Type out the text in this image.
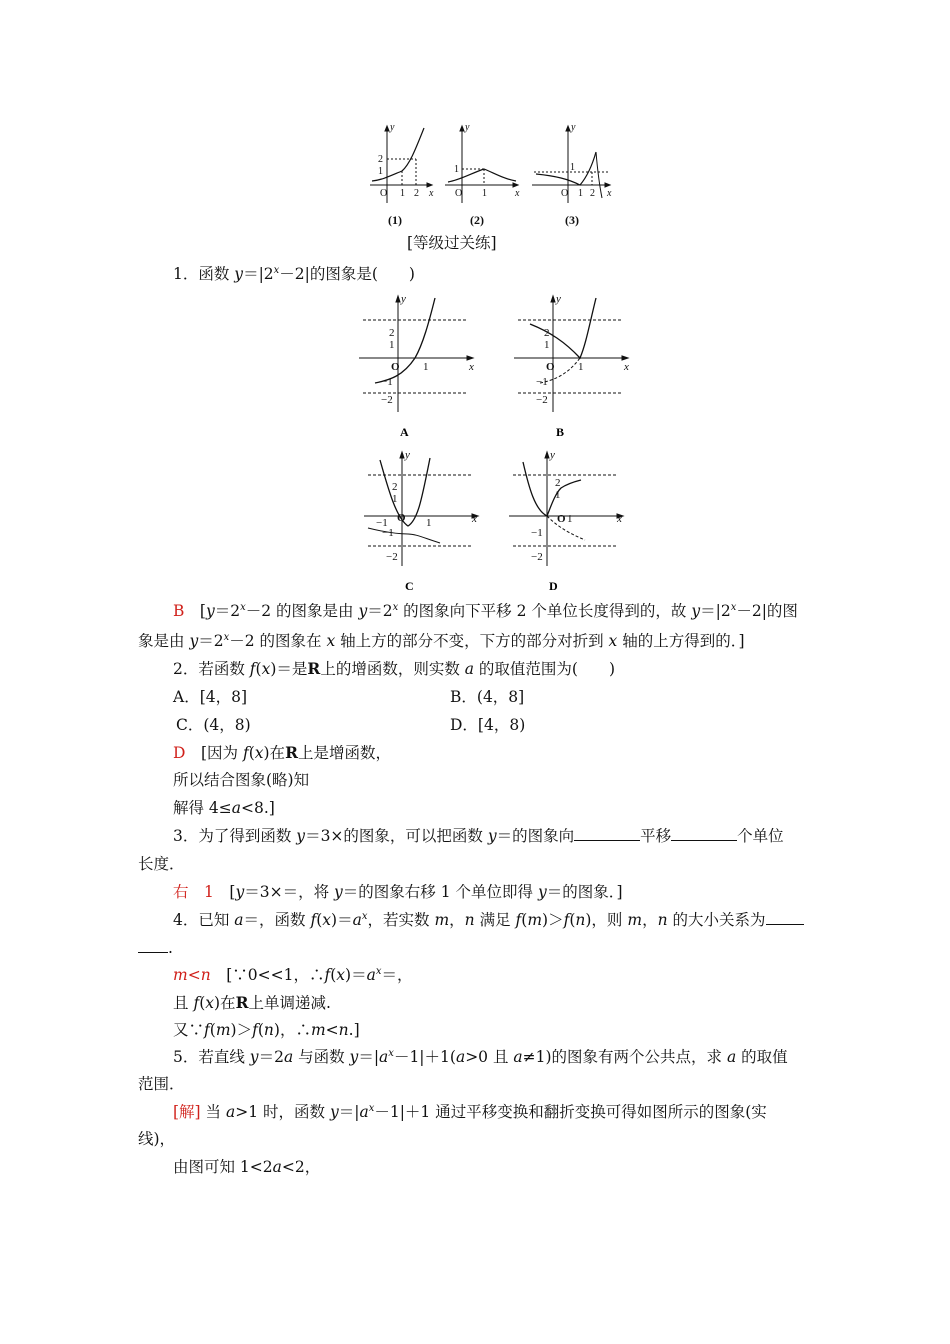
y
x
O
2
1
1 2
y
x
O
1
1
y
x
O
1
1 2
(1)	(2)	(3)
[等级过关练]
1．函数 $y=|2^x-2|$的图象是(　　)
y
x
O
2
1
−1
−2
1
A
y
x
O
2
1
−1
−2
1
B
y
x
O
2
1
−1
−2
−1	1
C
y
x
O
2
1
−1
−2
1
D
B　 [$y=2^x-2$ 的图象是由 $y=2^x$ 的图象向下平移 2 个单位长度得到的，故 $y=|2^x-2|$的图
象是由 $y=2^x-2$ 的图象在 x 轴上方的部分不变，下方的部分对折到 x 轴的上方得到的．]
2．若函数 f(x)＝是R上的增函数，则实数 a 的取值范围为(　　)
A．[4，8]	B．(4，8]
C．(4，8)	D．[4，8)
D　 [因为 f(x)在R上是增函数，
所以结合图象(略)知
解得 4≤a<8.]
3．为了得到函数 y＝3×的图象，可以把函数 y＝的图象向	平移	个单位
长度．
右　 1　 [y＝3×＝，将 y＝的图象右移 1 个单位即得 y＝的图象．]
4．已知 a＝，函数 $f(x)=a^x$，若实数 m，n 满足 f(m)＞f(n)，则 m，n 的大小关系为
.
m<n　 [∵0<<1，$\therefore f(x)=a^x=$，
且 f(x)在R上单调递减.
又∵f(m)＞f(n)，∴m<n.]
5．若直线 y＝2a 与函数 $y=|a^x-1|+1(a>0$ 且 a≠1)的图象有两个公共点，求 a 的取值
范围．
[解] 当 a>1 时，函数 $y=|a^x-1|+1$ 通过平移变换和翻折变换可得如图所示的图象(实
线)，
由图可知 1<2a<2，
